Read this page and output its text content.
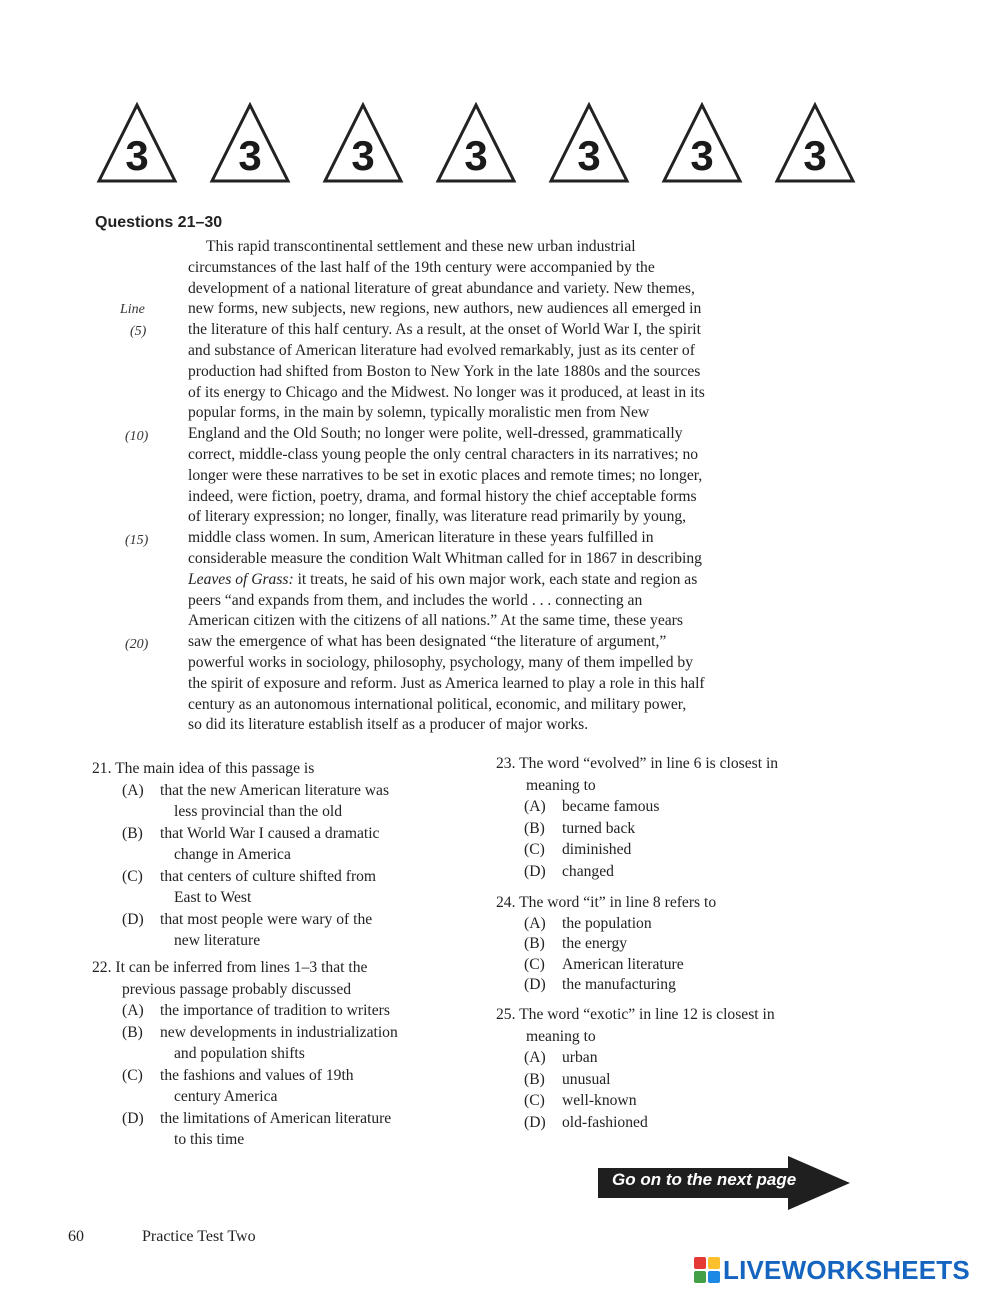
3 3 3 3 3 3 3
Questions 21–30
Line
(5)
(10)
(15)
(20)
This rapid transcontinental settlement and these new urban industrial
circumstances of the last half of the 19th century were accompanied by the
development of a national literature of great abundance and variety. New themes,
new forms, new subjects, new regions, new authors, new audiences all emerged in
the literature of this half century. As a result, at the onset of World War I, the spirit
and substance of American literature had evolved remarkably, just as its center of
production had shifted from Boston to New York in the late 1880s and the sources
of its energy to Chicago and the Midwest. No longer was it produced, at least in its
popular forms, in the main by solemn, typically moralistic men from New
England and the Old South; no longer were polite, well-dressed, grammatically
correct, middle-class young people the only central characters in its narratives; no
longer were these narratives to be set in exotic places and remote times; no longer,
indeed, were fiction, poetry, drama, and formal history the chief acceptable forms
of literary expression; no longer, finally, was literature read primarily by young,
middle class women. In sum, American literature in these years fulfilled in
considerable measure the condition Walt Whitman called for in 1867 in describing
Leaves of Grass: it treats, he said of his own major work, each state and region as
peers “and expands from them, and includes the world . . . connecting an
American citizen with the citizens of all nations.” At the same time, these years
saw the emergence of what has been designated “the literature of argument,”
powerful works in sociology, philosophy, psychology, many of them impelled by
the spirit of exposure and reform. Just as America learned to play a role in this half
century as an autonomous international political, economic, and military power,
so did its literature establish itself as a producer of major works.
21. The main idea of this passage is
(A) that the new American literature was
less provincial than the old
(B) that World War I caused a dramatic
change in America
(C) that centers of culture shifted from
East to West
(D) that most people were wary of the
new literature
22. It can be inferred from lines 1–3 that the
previous passage probably discussed
(A) the importance of tradition to writers
(B) new developments in industrialization
and population shifts
(C) the fashions and values of 19th
century America
(D) the limitations of American literature
to this time
23. The word “evolved” in line 6 is closest in
meaning to
(A) became famous
(B) turned back
(C) diminished
(D) changed
24. The word “it” in line 8 refers to
(A) the population
(B) the energy
(C) American literature
(D) the manufacturing
25. The word “exotic” in line 12 is closest in
meaning to
(A) urban
(B) unusual
(C) well-known
(D) old-fashioned
Go on to the next page
60	Practice Test Two
LIVEWORKSHEETS
